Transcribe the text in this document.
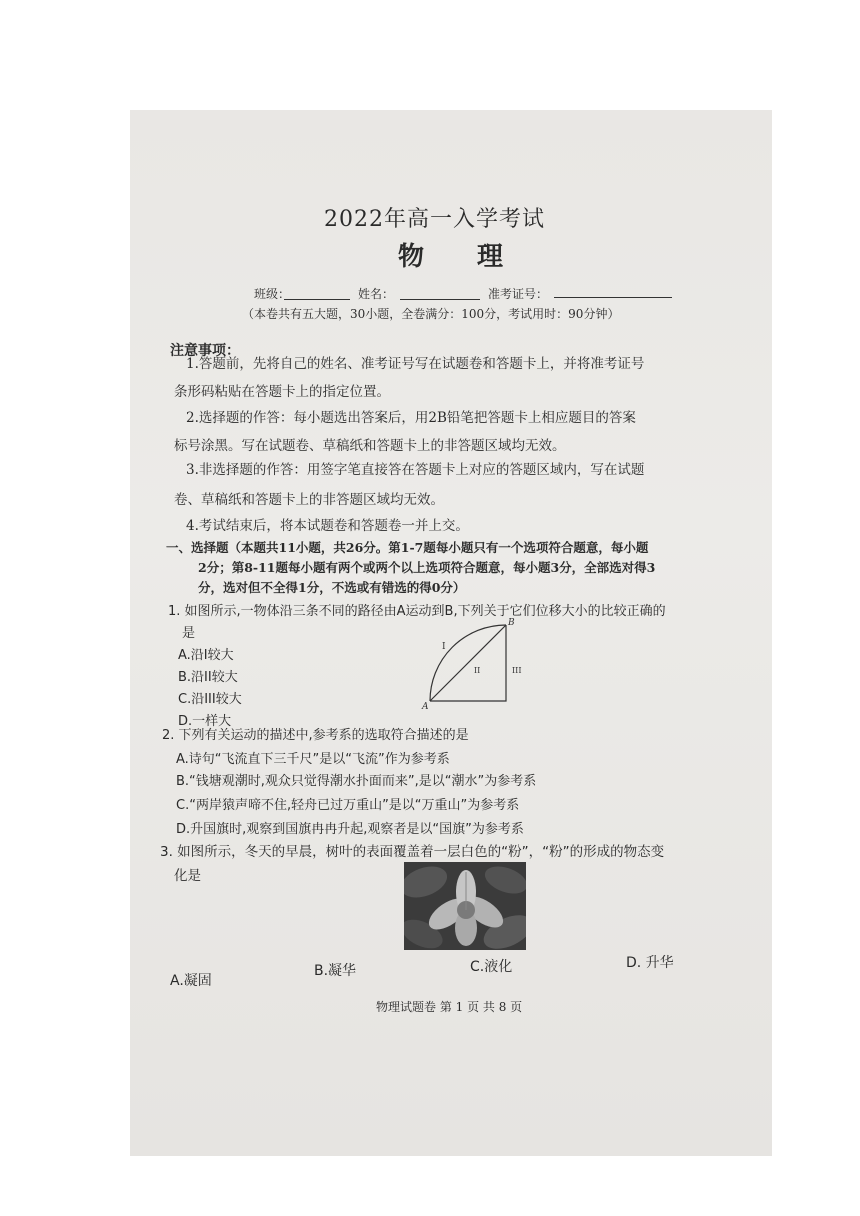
2022年高一入学考试
物 理
班级：	姓名：	准考证号：
（本卷共有五大题，30小题，全卷满分：100分，考试用时：90分钟）
注意事项：
1.答题前，先将自己的姓名、准考证号写在试题卷和答题卡上，并将准考证号
条形码粘贴在答题卡上的指定位置。
2.选择题的作答：每小题选出答案后，用2B铅笔把答题卡上相应题目的答案
标号涂黑。写在试题卷、草稿纸和答题卡上的非答题区域均无效。
3.非选择题的作答：用签字笔直接答在答题卡上对应的答题区域内，写在试题
卷、草稿纸和答题卡上的非答题区域均无效。
4.考试结束后，将本试题卷和答题卷一并上交。
一、选择题（本题共11小题，共26分。第1-7题每小题只有一个选项符合题意，每小题
2分；第8-11题每小题有两个或两个以上选项符合题意，每小题3分，全部选对得3
分，选对但不全得1分，不选或有错选的得0分）
1. 如图所示,一物体沿三条不同的路径由A运动到B,下列关于它们位移大小的比较正确的
是
A.沿I较大
B.沿II较大
C.沿III较大
D.一样大
A
B
I
II	III
2. 下列有关运动的描述中,参考系的选取符合描述的是
A.诗句“飞流直下三千尺”是以“飞流”作为参考系
B.“钱塘观潮时,观众只觉得潮水扑面而来”,是以“潮水”为参考系
C.“两岸猿声啼不住,轻舟已过万重山”是以“万重山”为参考系
D.升国旗时,观察到国旗冉冉升起,观察者是以“国旗”为参考系
3. 如图所示，冬天的早晨，树叶的表面覆盖着一层白色的“粉”，“粉”的形成的物态变
化是
A.凝固
B.凝华	C.液化	D. 升华
物理试题卷 第 1 页 共 8 页
